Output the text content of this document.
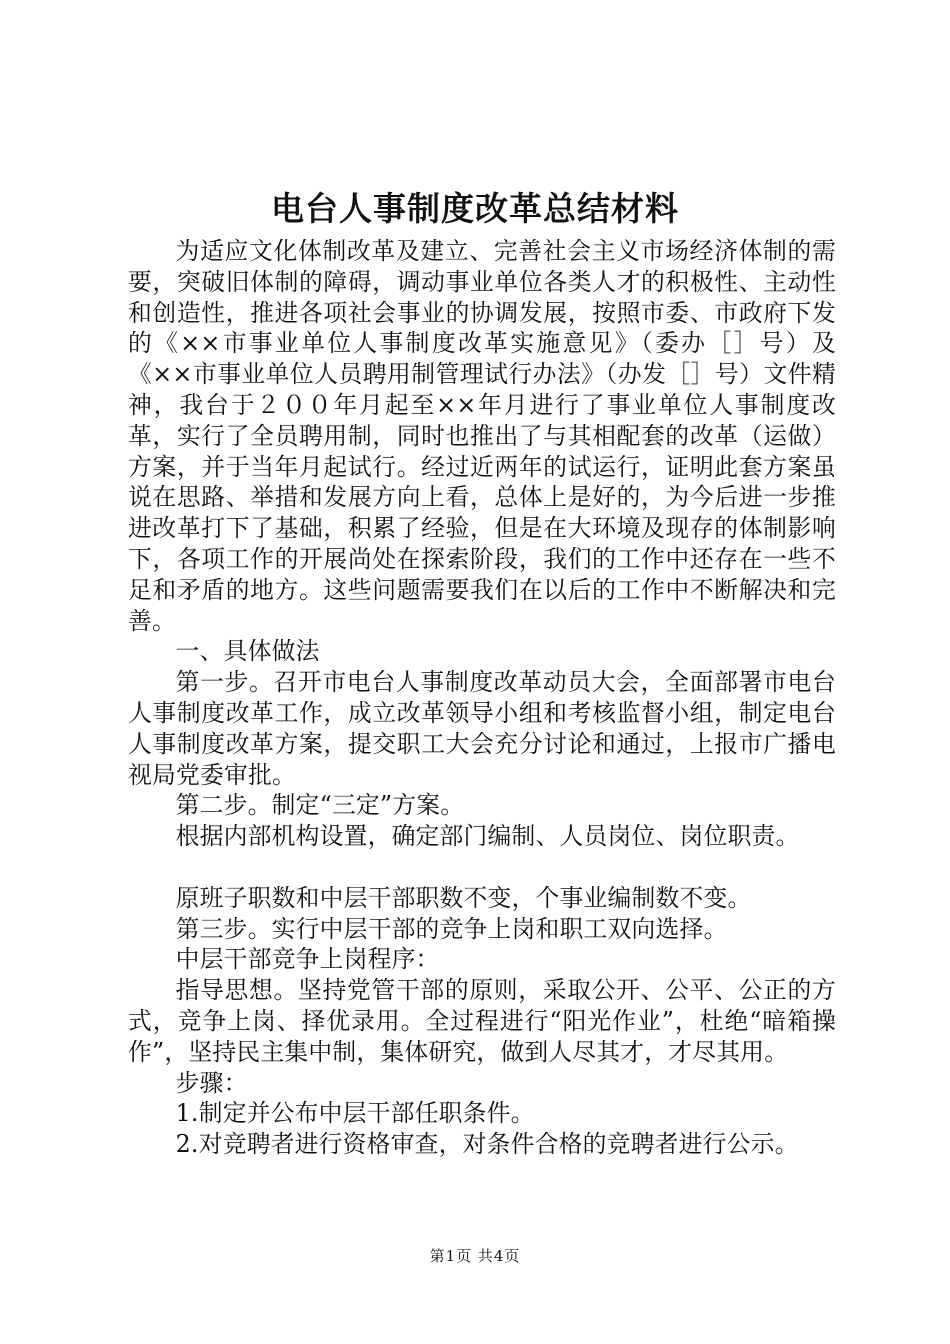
电台人事制度改革总结材料

为适应文化体制改革及建立、完善社会主义市场经济体制的需要，突破旧体制的障碍，调动事业单位各类人才的积极性、主动性和创造性，推进各项社会事业的协调发展，按照市委、市政府下发的《××市事业单位人事制度改革实施意见》（委办［］号）及《××市事业单位人员聘用制管理试行办法》（办发［］号）文件精神，我台于２００年月起至××年月进行了事业单位人事制度改革，实行了全员聘用制，同时也推出了与其相配套的改革（运做）方案，并于当年月起试行。经过近两年的试运行，证明此套方案虽说在思路、举措和发展方向上看，总体上是好的，为今后进一步推进改革打下了基础，积累了经验，但是在大环境及现存的体制影响下，各项工作的开展尚处在探索阶段，我们的工作中还存在一些不足和矛盾的地方。这些问题需要我们在以后的工作中不断解决和完善。

一、具体做法

第一步。召开市电台人事制度改革动员大会，全面部署市电台人事制度改革工作，成立改革领导小组和考核监督小组，制定电台人事制度改革方案，提交职工大会充分讨论和通过，上报市广播电视局党委审批。

第二步。制定“三定”方案。

根据内部机构设置，确定部门编制、人员岗位、岗位职责。

原班子职数和中层干部职数不变，个事业编制数不变。

第三步。实行中层干部的竞争上岗和职工双向选择。

中层干部竞争上岗程序：

指导思想。坚持党管干部的原则，采取公开、公平、公正的方式，竞争上岗、择优录用。全过程进行“阳光作业”，杜绝“暗箱操作”，坚持民主集中制，集体研究，做到人尽其才，才尽其用。

步骤：

1.制定并公布中层干部任职条件。

2.对竞聘者进行资格审查，对条件合格的竞聘者进行公示。

第1页 共4页
